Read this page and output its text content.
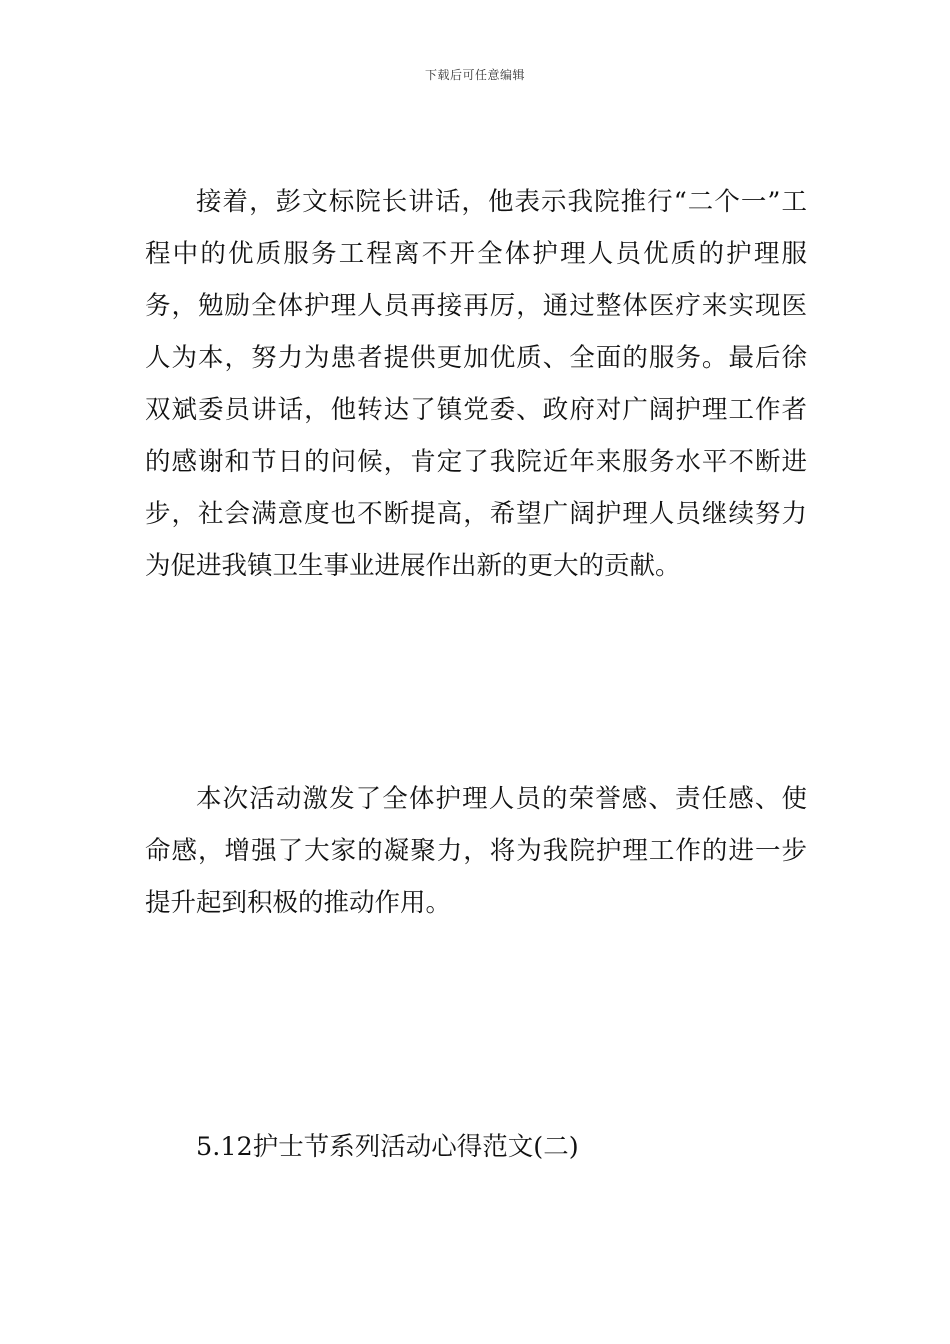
下载后可任意编辑

接着，彭文标院长讲话，他表示我院推行“二个一”工程中的优质服务工程离不开全体护理人员优质的护理服务，勉励全体护理人员再接再厉，通过整体医疗来实现医人为本，努力为患者提供更加优质、全面的服务。最后徐双斌委员讲话，他转达了镇党委、政府对广阔护理工作者的感谢和节日的问候，肯定了我院近年来服务水平不断进步，社会满意度也不断提高，希望广阔护理人员继续努力为促进我镇卫生事业进展作出新的更大的贡献。

本次活动激发了全体护理人员的荣誉感、责任感、使命感，增强了大家的凝聚力，将为我院护理工作的进一步提升起到积极的推动作用。

5.12护士节系列活动心得范文(二)
